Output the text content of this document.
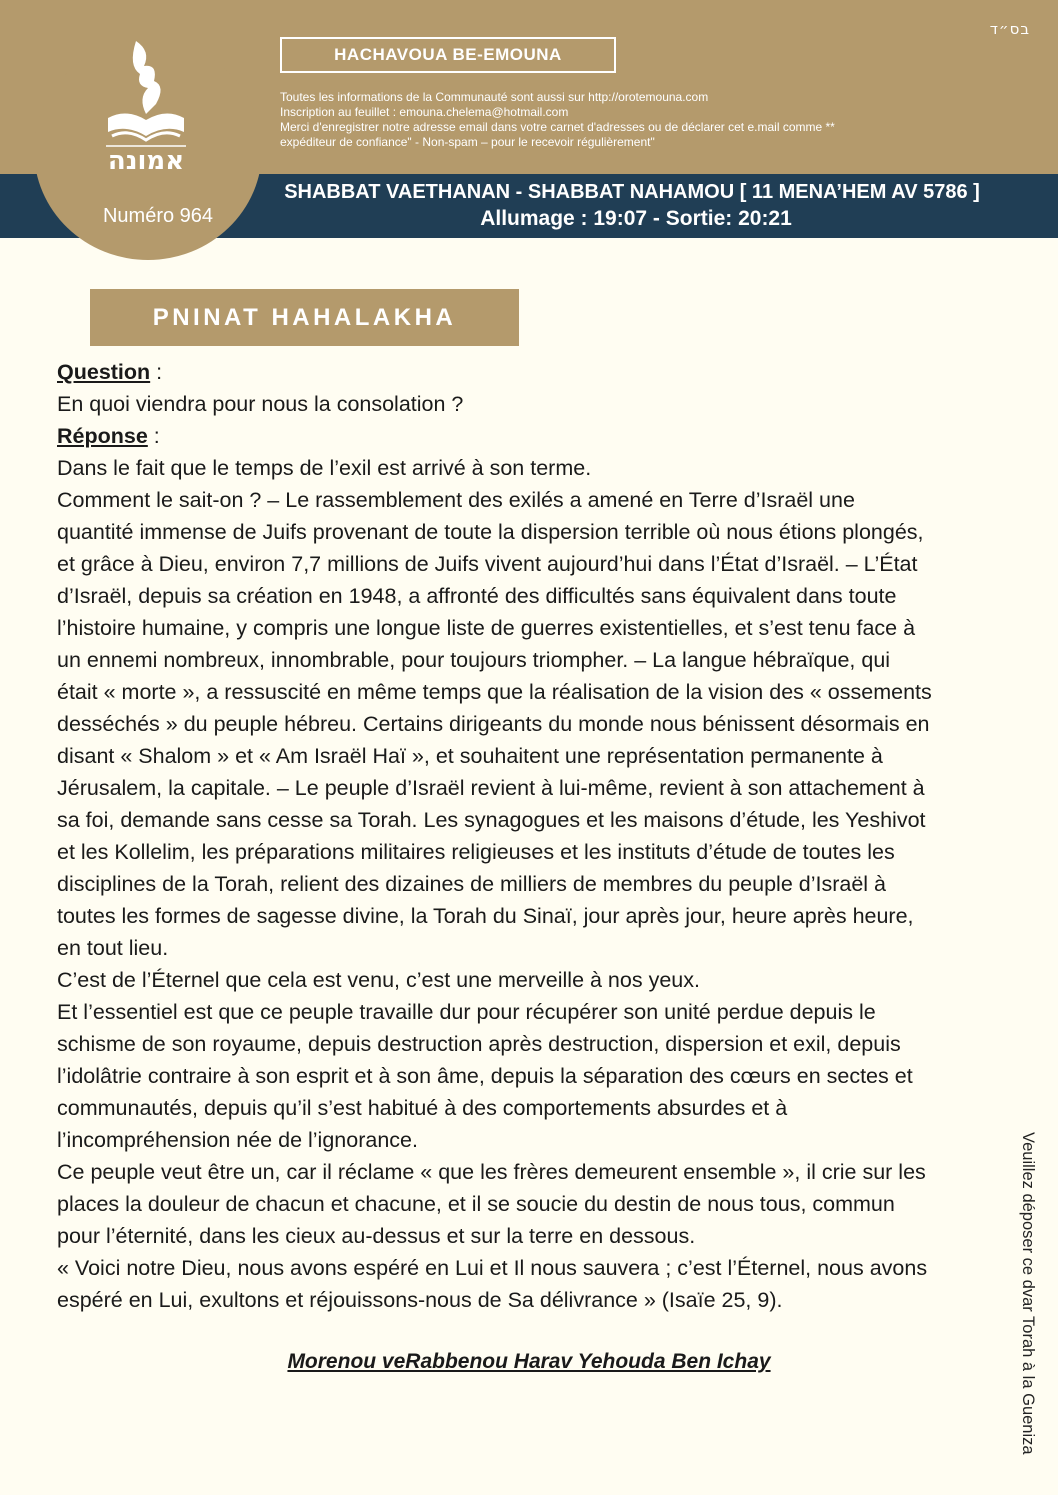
בס״ד
HACHAVOUA BE-EMOUNA
Toutes les informations de la Communauté sont aussi sur http://orotemouna.com
Inscription au feuillet : emouna.chelema@hotmail.com
Merci d'enregistrer notre adresse email dans votre carnet d'adresses ou de déclarer cet e.mail comme **
expéditeur de confiance" - Non-spam – pour le recevoir régulièrement"
אמונה
Numéro 964
SHABBAT VAETHANAN - SHABBAT NAHAMOU [ 11 MENA’HEM AV 5786 ]
Allumage : 19:07 - Sortie: 20:21
PNINAT HAHALAKHA

Question :

En quoi viendra pour nous la consolation ?

Réponse :

Dans le fait que le temps de l’exil est arrivé à son terme.

Comment le sait-on ? – Le rassemblement des exilés a amené en Terre d’Israël une

quantité immense de Juifs provenant de toute la dispersion terrible où nous étions plongés,

et grâce à Dieu, environ 7,7 millions de Juifs vivent aujourd’hui dans l’État d’Israël. – L’État

d’Israël, depuis sa création en 1948, a affronté des difficultés sans équivalent dans toute

l’histoire humaine, y compris une longue liste de guerres existentielles, et s’est tenu face à

un ennemi nombreux, innombrable, pour toujours triompher. – La langue hébraïque, qui

était « morte », a ressuscité en même temps que la réalisation de la vision des « ossements

desséchés » du peuple hébreu. Certains dirigeants du monde nous bénissent désormais en

disant « Shalom » et « Am Israël Haï », et souhaitent une représentation permanente à

Jérusalem, la capitale. – Le peuple d’Israël revient à lui-même, revient à son attachement à

sa foi, demande sans cesse sa Torah. Les synagogues et les maisons d’étude, les Yeshivot

et les Kollelim, les préparations militaires religieuses et les instituts d’étude de toutes les

disciplines de la Torah, relient des dizaines de milliers de membres du peuple d’Israël à

toutes les formes de sagesse divine, la Torah du Sinaï, jour après jour, heure après heure,

en tout lieu.

C’est de l’Éternel que cela est venu, c’est une merveille à nos yeux.

Et l’essentiel est que ce peuple travaille dur pour récupérer son unité perdue depuis le

schisme de son royaume, depuis destruction après destruction, dispersion et exil, depuis

l’idolâtrie contraire à son esprit et à son âme, depuis la séparation des cœurs en sectes et

communautés, depuis qu’il s’est habitué à des comportements absurdes et à

l’incompréhension née de l’ignorance.

Ce peuple veut être un, car il réclame « que les frères demeurent ensemble », il crie sur les

places la douleur de chacun et chacune, et il se soucie du destin de nous tous, commun

pour l’éternité, dans les cieux au-dessus et sur la terre en dessous.

« Voici notre Dieu, nous avons espéré en Lui et Il nous sauvera ; c’est l’Éternel, nous avons

espéré en Lui, exultons et réjouissons-nous de Sa délivrance » (Isaïe 25, 9).

Morenou veRabbenou Harav Yehouda Ben Ichay	Veuillez déposer ce dvar Torah à la Guenizа
